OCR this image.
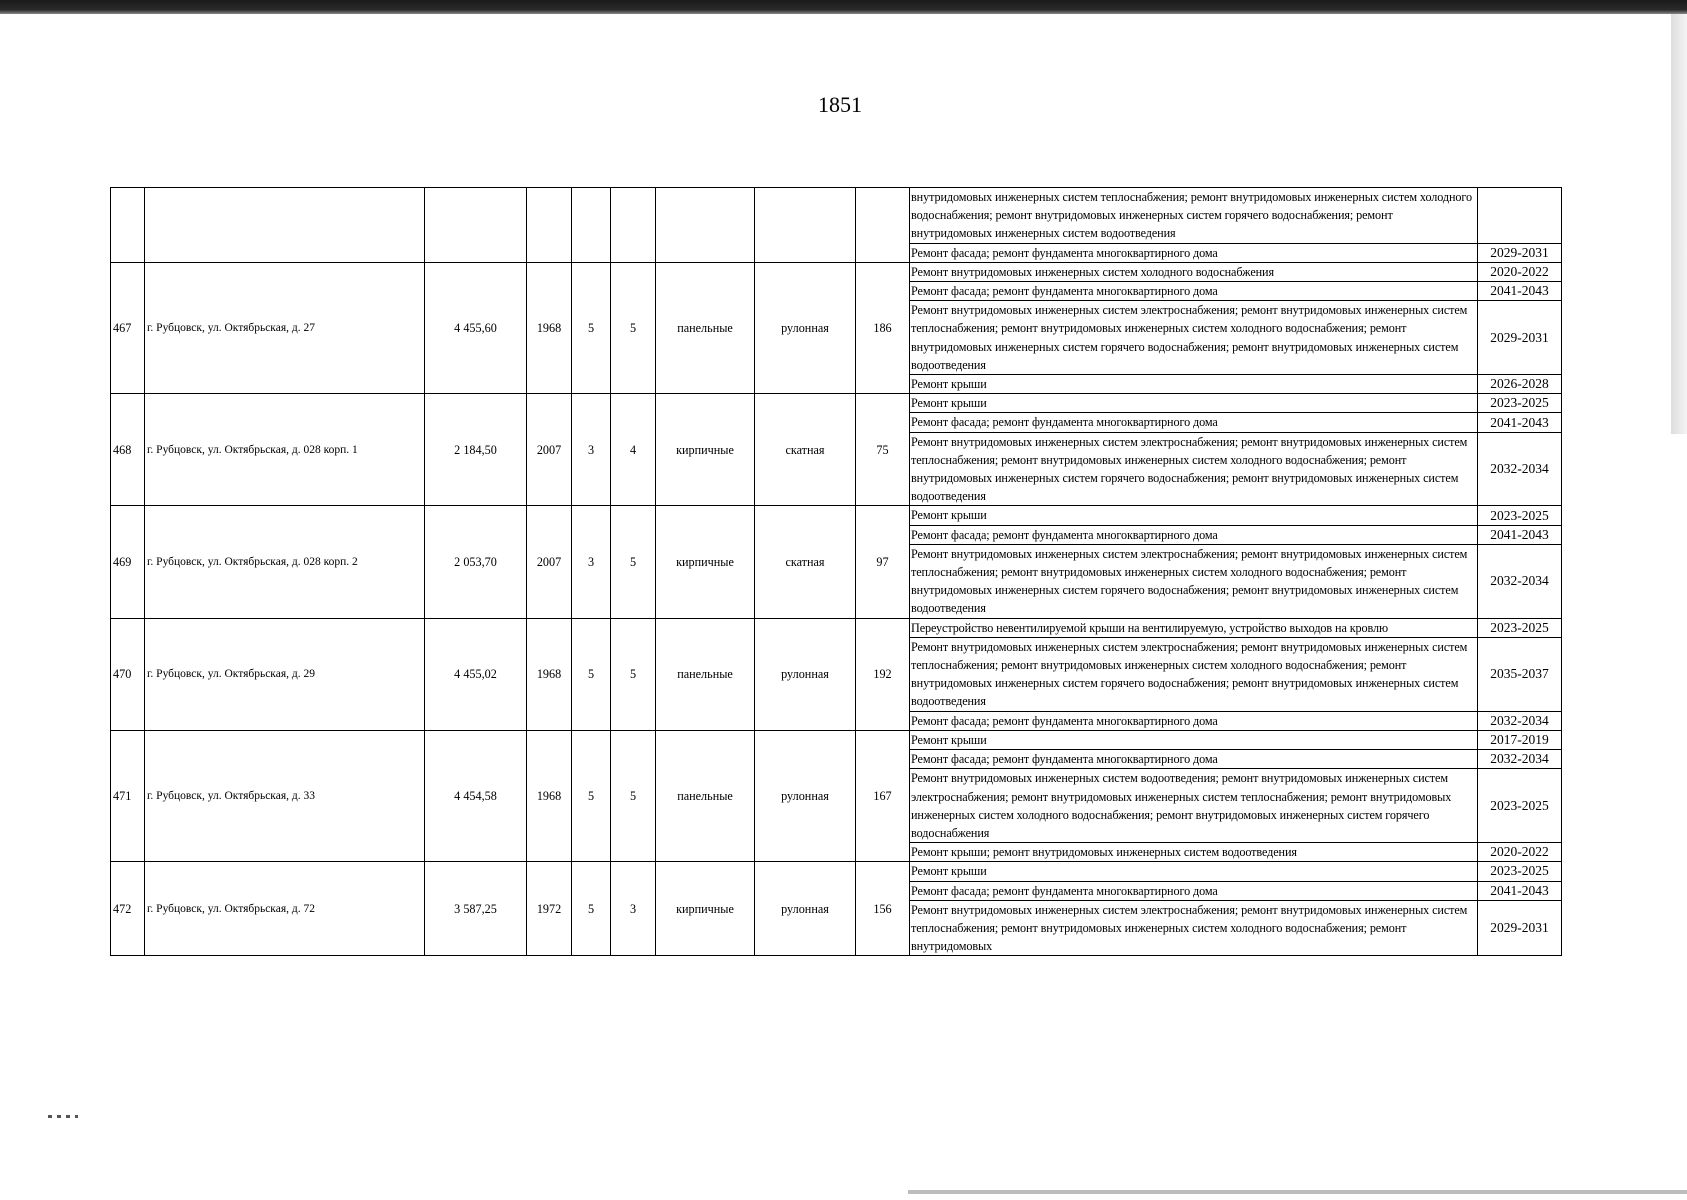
1851
									внутридомовых инженерных систем теплоснабжения; ремонт внутридомовых инженерных систем холодного водоснабжения; ремонт внутридомовых инженерных систем горячего водоснабжения; ремонт внутридомовых инженерных систем водоотведения	
									Ремонт фасада; ремонт фундамента многоквартирного дома	2029-2031
467	г. Рубцовск, ул. Октябрьская, д. 27	4 455,60	1968	5	5	панельные	рулонная	186	Ремонт внутридомовых инженерных систем холодного водоснабжения	2020-2022
									Ремонт фасада; ремонт фундамента многоквартирного дома	2041-2043
									Ремонт внутридомовых инженерных систем электроснабжения; ремонт внутридомовых инженерных систем теплоснабжения; ремонт внутридомовых инженерных систем холодного водоснабжения; ремонт внутридомовых инженерных систем горячего водоснабжения; ремонт внутридомовых инженерных систем водоотведения	2029-2031
									Ремонт крыши	2026-2028
468	г. Рубцовск, ул. Октябрьская, д. 028 корп. 1	2 184,50	2007	3	4	кирпичные	скатная	75	Ремонт крыши	2023-2025
									Ремонт фасада; ремонт фундамента многоквартирного дома	2041-2043
									Ремонт внутридомовых инженерных систем электроснабжения; ремонт внутридомовых инженерных систем теплоснабжения; ремонт внутридомовых инженерных систем холодного водоснабжения; ремонт внутридомовых инженерных систем горячего водоснабжения; ремонт внутридомовых инженерных систем водоотведения	2032-2034
469	г. Рубцовск, ул. Октябрьская, д. 028 корп. 2	2 053,70	2007	3	5	кирпичные	скатная	97	Ремонт крыши	2023-2025
									Ремонт фасада; ремонт фундамента многоквартирного дома	2041-2043
									Ремонт внутридомовых инженерных систем электроснабжения; ремонт внутридомовых инженерных систем теплоснабжения; ремонт внутридомовых инженерных систем холодного водоснабжения; ремонт внутридомовых инженерных систем горячего водоснабжения; ремонт внутридомовых инженерных систем водоотведения	2032-2034
470	г. Рубцовск, ул. Октябрьская, д. 29	4 455,02	1968	5	5	панельные	рулонная	192	Переустройство невентилируемой крыши на вентилируемую, устройство выходов на кровлю	2023-2025
									Ремонт внутридомовых инженерных систем электроснабжения; ремонт внутридомовых инженерных систем теплоснабжения; ремонт внутридомовых инженерных систем холодного водоснабжения; ремонт внутридомовых инженерных систем горячего водоснабжения; ремонт внутридомовых инженерных систем водоотведения	2035-2037
									Ремонт фасада; ремонт фундамента многоквартирного дома	2032-2034
471	г. Рубцовск, ул. Октябрьская, д. 33	4 454,58	1968	5	5	панельные	рулонная	167	Ремонт крыши	2017-2019
									Ремонт фасада; ремонт фундамента многоквартирного дома	2032-2034
									Ремонт внутридомовых инженерных систем водоотведения; ремонт внутридомовых инженерных систем электроснабжения; ремонт внутридомовых инженерных систем теплоснабжения; ремонт внутридомовых инженерных систем холодного водоснабжения; ремонт внутридомовых инженерных систем горячего водоснабжения	2023-2025
									Ремонт крыши; ремонт внутридомовых инженерных систем водоотведения	2020-2022
472	г. Рубцовск, ул. Октябрьская, д. 72	3 587,25	1972	5	3	кирпичные	рулонная	156	Ремонт крыши	2023-2025
									Ремонт фасада; ремонт фундамента многоквартирного дома	2041-2043
									Ремонт внутридомовых инженерных систем электроснабжения; ремонт внутридомовых инженерных систем теплоснабжения; ремонт внутридомовых инженерных систем холодного водоснабжения; ремонт внутридомовых	2029-2031
